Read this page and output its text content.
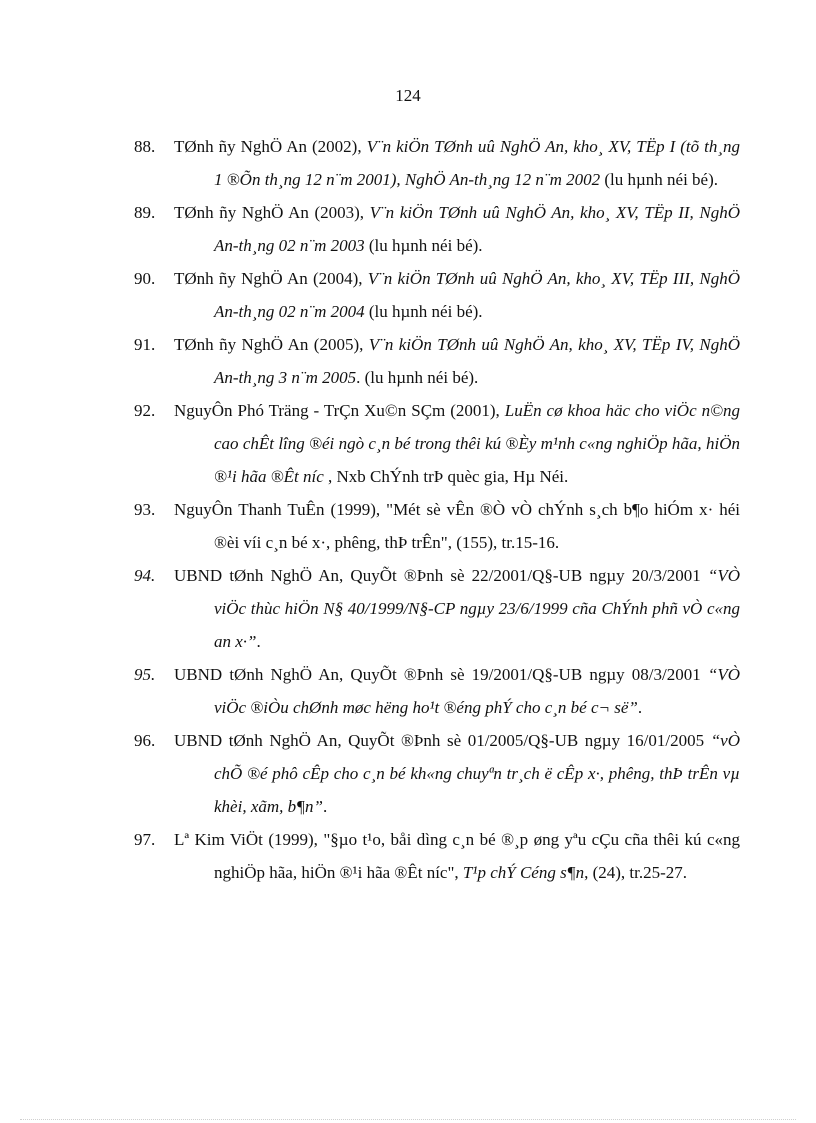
124
88.	TØnh ñy NghÖ An (2002), V¨n kiÖn TØnh uû NghÖ An, kho¸ XV, TËp I (tõ th¸ng 1 ®Õn th¸ng 12 n¨m 2001), NghÖ An-th¸ng 12 n¨m 2002 (lu hµnh néi bé).
89.	TØnh ñy NghÖ An (2003), V¨n kiÖn TØnh uû NghÖ An, kho¸ XV, TËp II, NghÖ An-th¸ng 02 n¨m 2003 (lu hµnh néi bé).
90.	TØnh ñy NghÖ An (2004), V¨n kiÖn TØnh uû NghÖ An, kho¸ XV, TËp III, NghÖ An-th¸ng 02 n¨m 2004 (lu hµnh néi bé).
91.	TØnh ñy NghÖ An (2005), V¨n kiÖn TØnh uû NghÖ An, kho¸ XV, TËp IV, NghÖ An-th¸ng 3 n¨m 2005. (lu hµnh néi bé).
92.	NguyÔn Phó Träng - TrÇn Xu©n SÇm (2001), LuËn cø khoa häc cho viÖc n©ng cao chÊt lîng ®éi ngò c¸n bé trong thêi kú ®Èy m¹nh c«ng nghiÖp hãa, hiÖn ®¹i hãa ®Êt níc , Nxb ChÝnh trÞ quèc gia, Hµ Néi.
93.	NguyÔn Thanh TuÊn (1999), "Mét sè vÊn ®Ò vÒ chÝnh s¸ch b¶o hiÓm x· héi ®èi víi c¸n bé x·, phêng, thÞ trÊn", (155), tr.15-16.
94.	UBND tØnh NghÖ An, QuyÕt ®Þnh sè 22/2001/Q§-UB ngµy 20/3/2001 “VÒ viÖc thùc hiÖn N§ 40/1999/N§-CP ngµy 23/6/1999 cña ChÝnh phñ vÒ c«ng an x·”.
95.	UBND tØnh NghÖ An, QuyÕt ®Þnh sè 19/2001/Q§-UB ngµy 08/3/2001 “VÒ viÖc ®iÒu chØnh møc hëng ho¹t ®éng phÝ cho c¸n bé c¬ së”.
96.	UBND tØnh NghÖ An, QuyÕt ®Þnh sè 01/2005/Q§-UB ngµy 16/01/2005 “vÒ chÕ ®é phô cÊp cho c¸n bé kh«ng chuyªn tr¸ch ë cÊp x·, phêng, thÞ trÊn vµ khèi, xãm, b¶n”.
97.	Lª Kim ViÖt (1999), "§µo t¹o, båi dìng c¸n bé ®¸p øng yªu cÇu cña thêi kú c«ng nghiÖp hãa, hiÖn ®¹i hãa ®Êt níc", T¹p chÝ Céng s¶n, (24), tr.25-27.
